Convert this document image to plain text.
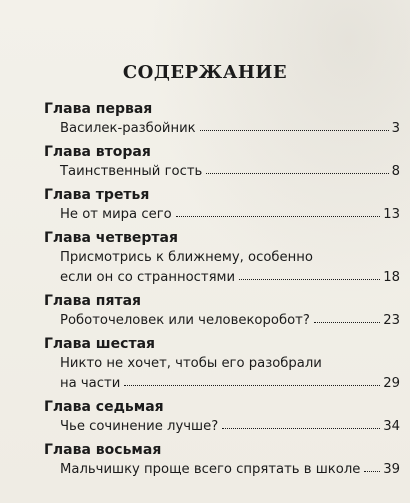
СОДЕРЖАНИЕ
Глава первая
Василек-разбойник	3
Глава вторая
Таинственный гость	8
Глава третья
Не от мира сего	13
Глава четвертая
Присмотрись к ближнему, особенно
если он со странностями	18
Глава пятая
Роботочеловек или человекоробот?	23
Глава шестая
Никто не хочет, чтобы его разобрали
на части	29
Глава седьмая
Чье сочинение лучше?	34
Глава восьмая
Мальчишку проще всего спрятать в школе 39
